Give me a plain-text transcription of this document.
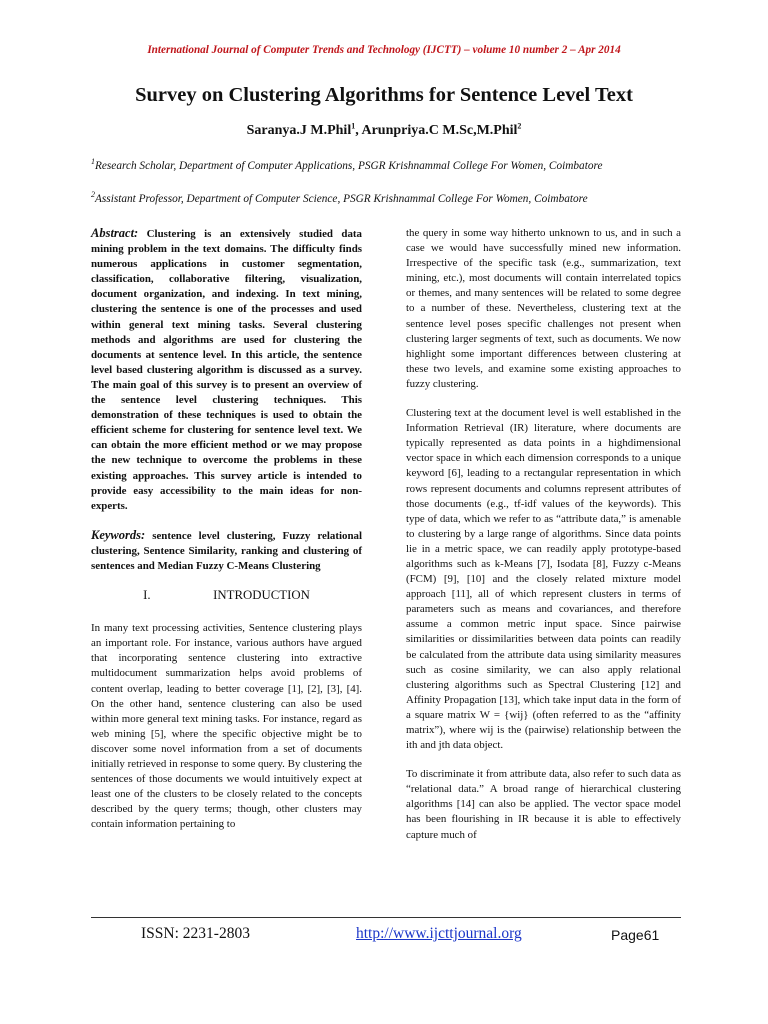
International Journal of Computer Trends and Technology (IJCTT) – volume 10 number 2 – Apr 2014
Survey on Clustering Algorithms for Sentence Level Text
Saranya.J M.Phil$^1$, Arunpriya.C M.Sc,M.Phil$^2$
$^1$Research Scholar, Department of Computer Applications, PSGR Krishnammal College For Women, Coimbatore
$^2$Assistant Professor, Department of Computer Science, PSGR Krishnammal College For Women, Coimbatore

Abstract: Clustering is an extensively studied data mining problem in the text domains. The difficulty finds numerous applications in customer segmentation, classification, collaborative filtering, visualization, document organization, and indexing. In text mining, clustering the sentence is one of the processes and used within general text mining tasks. Several clustering methods and algorithms are used for clustering the documents at sentence level. In this article, the sentence level based clustering algorithm is discussed as a survey. The main goal of this survey is to present an overview of the sentence level clustering techniques. This demonstration of these techniques is used to obtain the efficient scheme for clustering for sentence level text. We can obtain the more efficient method or we may propose the new technique to overcome the problems in these existing approaches. This survey article is intended to provide easy accessibility to the main ideas for non-experts.

Keywords: sentence level clustering, Fuzzy relational clustering, Sentence Similarity, ranking and clustering of sentences and Median Fuzzy C-Means Clustering

I.	INTRODUCTION

In many text processing activities, Sentence clustering plays an important role. For instance, various authors have argued that incorporating sentence clustering into extractive multidocument summarization helps avoid problems of content overlap, leading to better coverage [1], [2], [3], [4]. On the other hand, sentence clustering can also be used within more general text mining tasks. For instance, regard as web mining [5], where the specific objective might be to discover some novel information from a set of documents initially retrieved in response to some query. By clustering the sentences of those documents we would intuitively expect at least one of the clusters to be closely related to the concepts described by the query terms; though, other clusters may contain information pertaining to

the query in some way hitherto unknown to us, and in such a case we would have successfully mined new information. Irrespective of the specific task (e.g., summarization, text mining, etc.), most documents will contain interrelated topics or themes, and many sentences will be related to some degree to a number of these. Nevertheless, clustering text at the sentence level poses specific challenges not present when clustering larger segments of text, such as documents. We now highlight some important differences between clustering at these two levels, and examine some existing approaches to fuzzy clustering.

Clustering text at the document level is well established in the Information Retrieval (IR) literature, where documents are typically represented as data points in a highdimensional vector space in which each dimension corresponds to a unique keyword [6], leading to a rectangular representation in which rows represent documents and columns represent attributes of those documents (e.g., tf-idf values of the keywords). This type of data, which we refer to as “attribute data,” is amenable to clustering by a large range of algorithms. Since data points lie in a metric space, we can readily apply prototype-based algorithms such as k-Means [7], Isodata [8], Fuzzy c-Means (FCM) [9], [10] and the closely related mixture model approach [11], all of which represent clusters in terms of parameters such as means and covariances, and therefore assume a common metric input space. Since pairwise similarities or dissimilarities between data points can readily be calculated from the attribute data using similarity measures such as cosine similarity, we can also apply relational clustering algorithms such as Spectral Clustering [12] and Affinity Propagation [13], which take input data in the form of a square matrix W = {wij} (often referred to as the “affinity matrix”), where wij is the (pairwise) relationship between the ith and jth data object.

To discriminate it from attribute data, also refer to such data as “relational data.” A broad range of hierarchical clustering algorithms [14] can also be applied. The vector space model has been flourishing in IR because it is able to effectively capture much of

ISSN: 2231-2803	http://www.ijcttjournal.org	Page61
